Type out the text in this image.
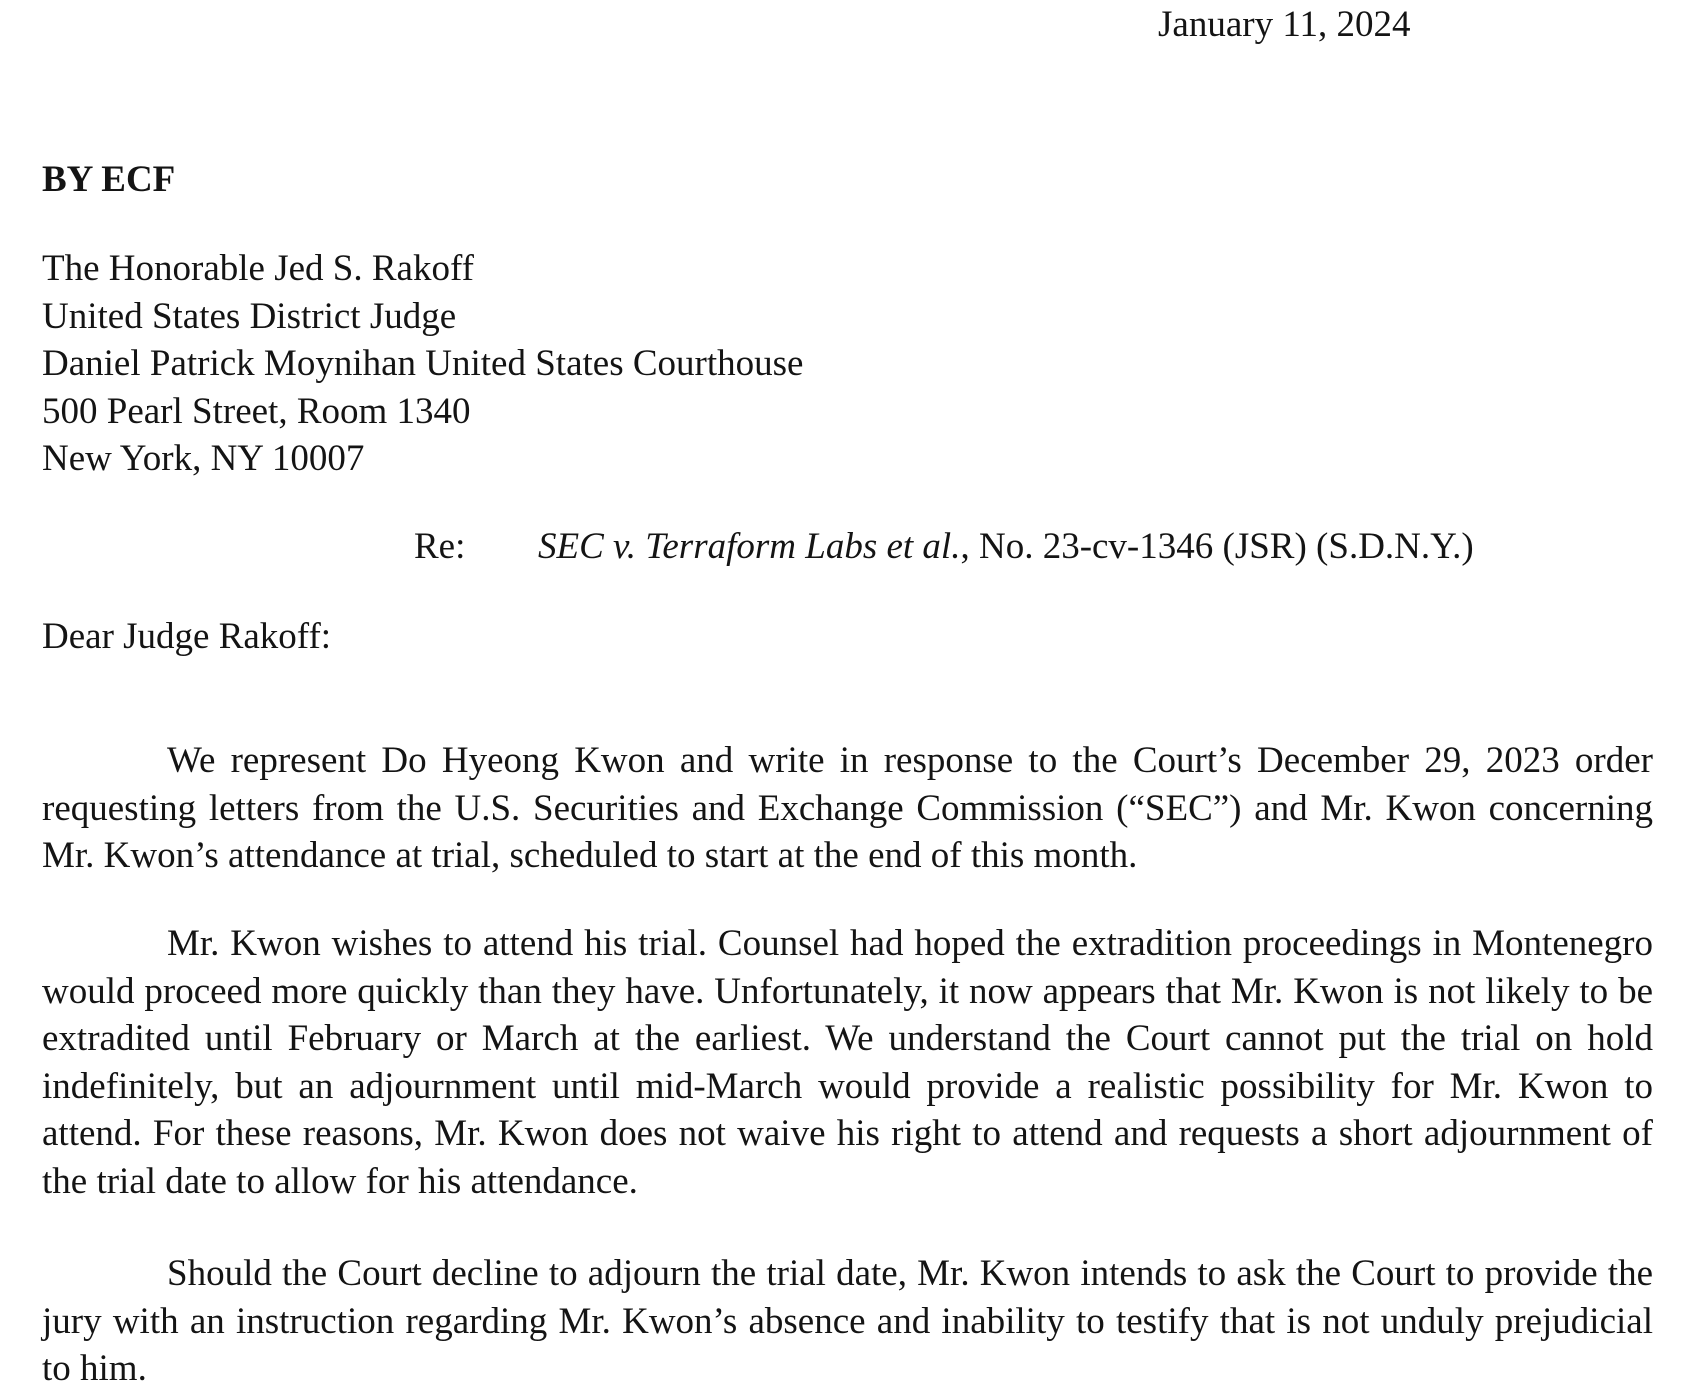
January 11, 2024
BY ECF
The Honorable Jed S. Rakoff
United States District Judge
Daniel Patrick Moynihan United States Courthouse
500 Pearl Street, Room 1340
New York, NY 10007
Re: SEC v. Terraform Labs et al., No. 23-cv-1346 (JSR) (S.D.N.Y.)
Dear Judge Rakoff:

We represent Do Hyeong Kwon and write in response to the Court’s December 29, 2023 order requesting letters from the U.S. Securities and Exchange Commission (“SEC”) and Mr. Kwon concerning Mr. Kwon’s attendance at trial, scheduled to start at the end of this month.

Mr. Kwon wishes to attend his trial. Counsel had hoped the extradition proceedings in Montenegro would proceed more quickly than they have. Unfortunately, it now appears that Mr. Kwon is not likely to be extradited until February or March at the earliest. We understand the Court cannot put the trial on hold indefinitely, but an adjournment until mid-March would provide a realistic possibility for Mr. Kwon to attend. For these reasons, Mr. Kwon does not waive his right to attend and requests a short adjournment of the trial date to allow for his attendance.

Should the Court decline to adjourn the trial date, Mr. Kwon intends to ask the Court to provide the jury with an instruction regarding Mr. Kwon’s absence and inability to testify that is not unduly prejudicial to him.
